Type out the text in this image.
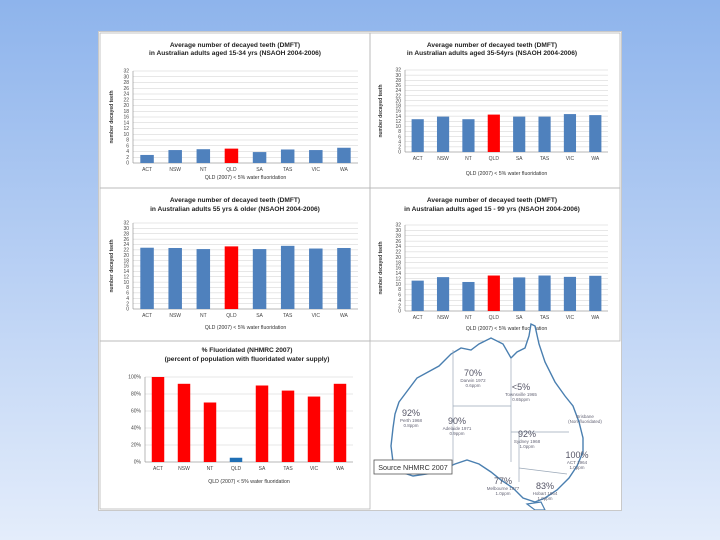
Average number of decayed teeth (DMFT)
in Australian adults aged 15-34 yrs (NSAOH 2004-2006)
0
2
4
6
8
10
12
14
16
18
20
22
24
26
28
30
32
number decayed teeth
ACT	NSW	NT	QLD	SA	TAS	VIC	WA
QLD (2007) < 5% water fluoridation
Average number of decayed teeth (DMFT)
in Australian adults aged 35-54yrs (NSAOH 2004-2006)
0
2
4
6
8
10
12
14
16
18
20
22
24
26
28
30
32
number decayed teeth
ACT	NSW	NT	QLD	SA	TAS	VIC	WA
QLD (2007) < 5% water fluoridation
Average number of decayed teeth (DMFT)
in Australian adults 55 yrs & older (NSAOH 2004-2006)
0
2
4
6
8
10
12
14
16
18
20
22
24
26
28
30
32
number decayed teeth
ACT	NSW	NT	QLD	SA	TAS	VIC	WA
QLD (2007) < 5% water fluoridation
Average number of decayed teeth (DMFT)
in Australian adults aged 15 - 99 yrs (NSAOH 2004-2006)
0
2
4
6
8
10
12
14
16
18
20
22
24
26
28
30
32
number decayed teeth
ACT	NSW	NT	QLD	SA	TAS	VIC	WA
QLD (2007) < 5% water fluoridation
% Fluoridated (NHMRC 2007)
(percent of population with fluoridated water supply)
0%
20%
40%
60%
80%
100%
ACT	NSW	NT	QLD	SA	TAS	VIC	WA
QLD (2007) < 5% water fluoridation
70%
Darwin 1972
0.6ppm	<5%
Townsville 1965
0.65ppm
92%
Perth 1968
0.8ppm	90%
Adelaide 1971
0.9ppm	92%
Sydney 1968
1.0ppm
Brisbane
(Non-fluoridated)
100%
ACT 1964
1.0ppm
77%
Melbourne 1977
1.0ppm
83%
Hobart 1964
1.0ppm
Source NHMRC 2007
